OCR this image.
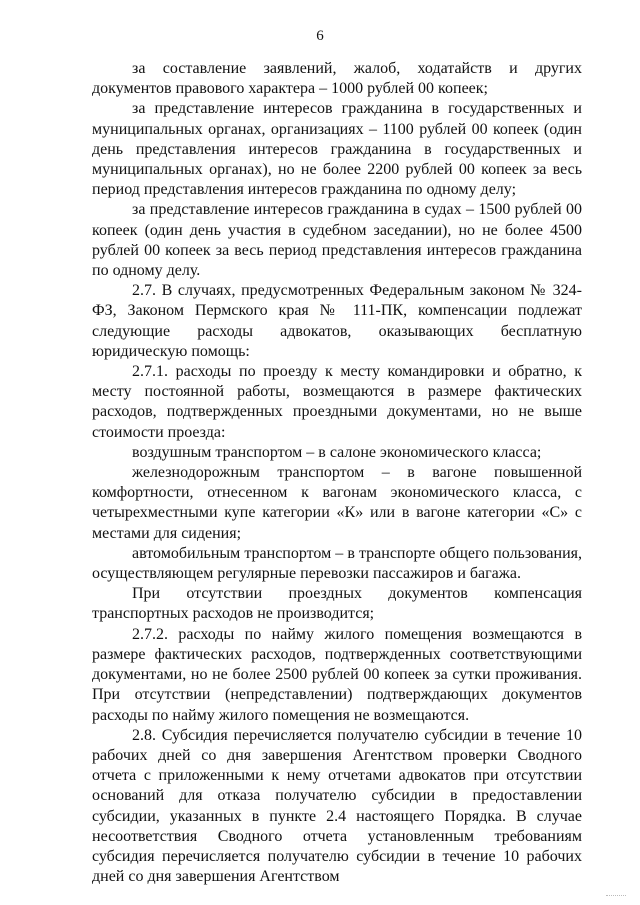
6

за составление заявлений, жалоб, ходатайств и других документов правового характера – 1000 рублей 00 копеек;

за представление интересов гражданина в государственных и муниципальных органах, организациях – 1100 рублей 00 копеек (один день представления интересов гражданина в государственных и муниципальных органах), но не более 2200 рублей 00 копеек за весь период представления интересов гражданина по одному делу;

за представление интересов гражданина в судах – 1500 рублей 00 копеек (один день участия в судебном заседании), но не более 4500 рублей 00 копеек за весь период представления интересов гражданина по одному делу.

2.7. В случаях, предусмотренных Федеральным законом № 324-ФЗ, Законом Пермского края № 111-ПК, компенсации подлежат следующие расходы адвокатов, оказывающих бесплатную юридическую помощь:

2.7.1. расходы по проезду к месту командировки и обратно, к месту постоянной работы, возмещаются в размере фактических расходов, подтвержденных проездными документами, но не выше стоимости проезда:

воздушным транспортом – в салоне экономического класса;

железнодорожным транспортом – в вагоне повышенной комфортности, отнесенном к вагонам экономического класса, с четырехместными купе категории «К» или в вагоне категории «С» с местами для сидения;

автомобильным транспортом – в транспорте общего пользования, осуществляющем регулярные перевозки пассажиров и багажа.

При отсутствии проездных документов компенсация транспортных расходов не производится;

2.7.2. расходы по найму жилого помещения возмещаются в размере фактических расходов, подтвержденных соответствующими документами, но не более 2500 рублей 00 копеек за сутки проживания. При отсутствии (непредставлении) подтверждающих документов расходы по найму жилого помещения не возмещаются.

2.8. Субсидия перечисляется получателю субсидии в течение 10 рабочих дней со дня завершения Агентством проверки Сводного отчета с приложенными к нему отчетами адвокатов при отсутствии оснований для отказа получателю субсидии в предоставлении субсидии, указанных в пункте 2.4 настоящего Порядка. В случае несоответствия Сводного отчета установленным требованиям субсидия перечисляется получателю субсидии в течение 10 рабочих дней со дня завершения Агентством
